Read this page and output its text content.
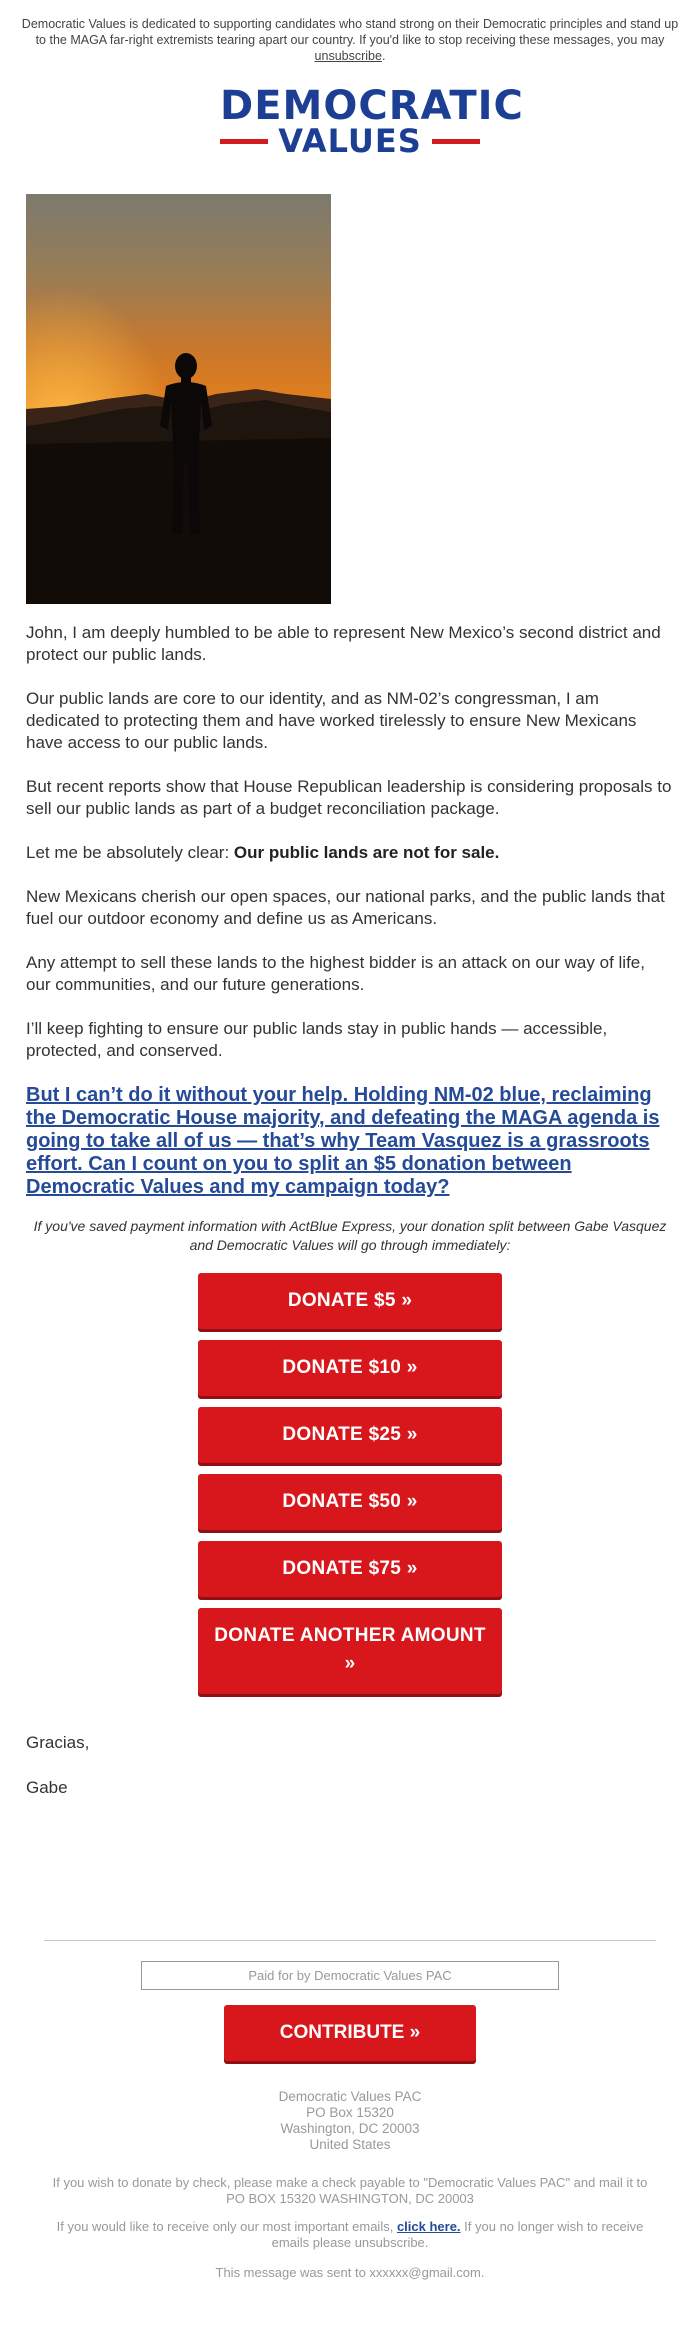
Democratic Values is dedicated to supporting candidates who stand strong on their Democratic principles and stand up to the MAGA far-right extremists tearing apart our country. If you'd like to stop receiving these messages, you may unsubscribe.
DEMOCRATIC
VALUES

John, I am deeply humbled to be able to represent New Mexico’s second district and protect our public lands.

Our public lands are core to our identity, and as NM-02’s congressman, I am dedicated to protecting them and have worked tirelessly to ensure New Mexicans have access to our public lands.

But recent reports show that House Republican leadership is considering proposals to sell our public lands as part of a budget reconciliation package.

Let me be absolutely clear: Our public lands are not for sale.

New Mexicans cherish our open spaces, our national parks, and the public lands that fuel our outdoor economy and define us as Americans.

Any attempt to sell these lands to the highest bidder is an attack on our way of life, our communities, and our future generations.

I’ll keep fighting to ensure our public lands stay in public hands — accessible, protected, and conserved.

But I can’t do it without your help. Holding NM-02 blue, reclaiming the Democratic House majority, and defeating the MAGA agenda is going to take all of us — that’s why Team Vasquez is a grassroots effort. Can I count on you to split an $5 donation between Democratic Values and my campaign today?
If you've saved payment information with ActBlue Express, your donation split between Gabe Vasquez and Democratic Values will go through immediately:
DONATE $5 »
DONATE $10 »
DONATE $25 »
DONATE $50 »
DONATE $75 »
DONATE ANOTHER AMOUNT »

Gracias,

Gabe

Paid for by Democratic Values PAC
CONTRIBUTE »
Democratic Values PAC
PO Box 15320
Washington, DC 20003
United States
If you wish to donate by check, please make a check payable to "Democratic Values PAC" and mail it to PO BOX 15320 WASHINGTON, DC 20003
If you would like to receive only our most important emails, click here. If you no longer wish to receive emails please unsubscribe.
This message was sent to xxxxxx@gmail.com.
